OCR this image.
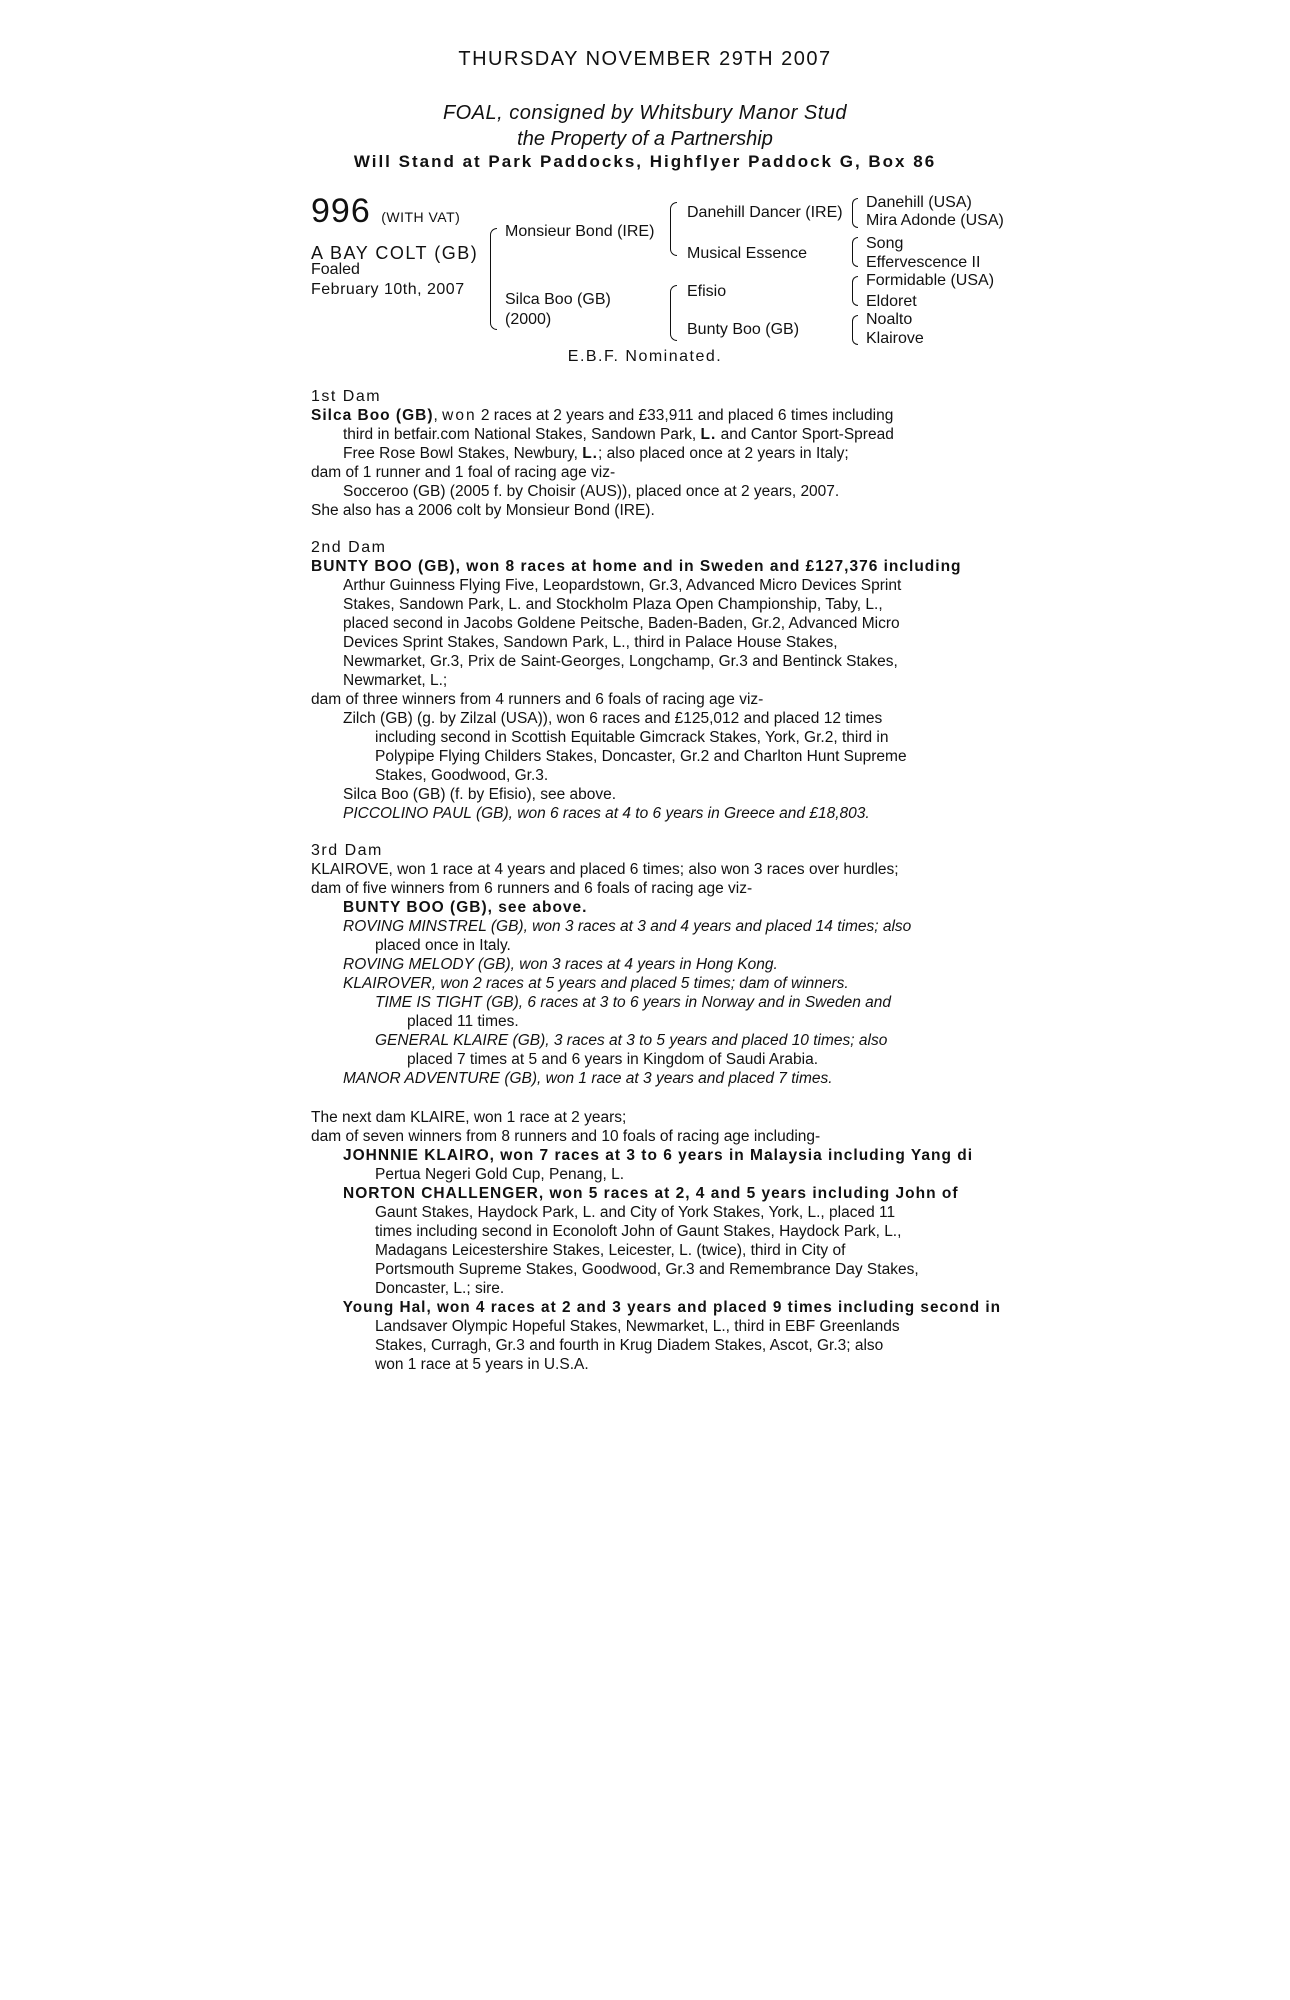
THURSDAY NOVEMBER 29TH 2007
FOAL, consigned by Whitsbury Manor Stud
the Property of a Partnership
Will Stand at Park Paddocks, Highflyer Paddock G, Box 86
996 (WITH VAT)
A BAY COLT (GB)
Foaled
February 10th, 2007
Monsieur Bond (IRE)
Silca Boo (GB)
(2000)
Danehill Dancer (IRE)
Musical Essence
Efisio
Bunty Boo (GB)
Danehill (USA)
Mira Adonde (USA)
Song
Effervescence II
Formidable (USA)
Eldoret
Noalto
Klairove
E.B.F. Nominated.

1st Dam

Silca Boo (GB), won 2 races at 2 years and £33,911 and placed 6 times including

third in betfair.com National Stakes, Sandown Park, L. and Cantor Sport-Spread

Free Rose Bowl Stakes, Newbury, L.; also placed once at 2 years in Italy;

dam of 1 runner and 1 foal of racing age viz-

Socceroo (GB) (2005 f. by Choisir (AUS)), placed once at 2 years, 2007.

She also has a 2006 colt by Monsieur Bond (IRE).

2nd Dam

BUNTY BOO (GB), won 8 races at home and in Sweden and £127,376 including

Arthur Guinness Flying Five, Leopardstown, Gr.3, Advanced Micro Devices Sprint

Stakes, Sandown Park, L. and Stockholm Plaza Open Championship, Taby, L.,

placed second in Jacobs Goldene Peitsche, Baden-Baden, Gr.2, Advanced Micro

Devices Sprint Stakes, Sandown Park, L., third in Palace House Stakes,

Newmarket, Gr.3, Prix de Saint-Georges, Longchamp, Gr.3 and Bentinck Stakes,

Newmarket, L.;

dam of three winners from 4 runners and 6 foals of racing age viz-

Zilch (GB) (g. by Zilzal (USA)), won 6 races and £125,012 and placed 12 times

including second in Scottish Equitable Gimcrack Stakes, York, Gr.2, third in

Polypipe Flying Childers Stakes, Doncaster, Gr.2 and Charlton Hunt Supreme

Stakes, Goodwood, Gr.3.

Silca Boo (GB) (f. by Efisio), see above.

PICCOLINO PAUL (GB), won 6 races at 4 to 6 years in Greece and £18,803.

3rd Dam

KLAIROVE, won 1 race at 4 years and placed 6 times; also won 3 races over hurdles;

dam of five winners from 6 runners and 6 foals of racing age viz-

BUNTY BOO (GB), see above.

ROVING MINSTREL (GB), won 3 races at 3 and 4 years and placed 14 times; also

placed once in Italy.

ROVING MELODY (GB), won 3 races at 4 years in Hong Kong.

KLAIROVER, won 2 races at 5 years and placed 5 times; dam of winners.

TIME IS TIGHT (GB), 6 races at 3 to 6 years in Norway and in Sweden and

placed 11 times.

GENERAL KLAIRE (GB), 3 races at 3 to 5 years and placed 10 times; also

placed 7 times at 5 and 6 years in Kingdom of Saudi Arabia.

MANOR ADVENTURE (GB), won 1 race at 3 years and placed 7 times.

The next dam KLAIRE, won 1 race at 2 years;

dam of seven winners from 8 runners and 10 foals of racing age including-

JOHNNIE KLAIRO, won 7 races at 3 to 6 years in Malaysia including Yang di

Pertua Negeri Gold Cup, Penang, L.

NORTON CHALLENGER, won 5 races at 2, 4 and 5 years including John of

Gaunt Stakes, Haydock Park, L. and City of York Stakes, York, L., placed 11

times including second in Econoloft John of Gaunt Stakes, Haydock Park, L.,

Madagans Leicestershire Stakes, Leicester, L. (twice), third in City of

Portsmouth Supreme Stakes, Goodwood, Gr.3 and Remembrance Day Stakes,

Doncaster, L.; sire.

Young Hal, won 4 races at 2 and 3 years and placed 9 times including second in

Landsaver Olympic Hopeful Stakes, Newmarket, L., third in EBF Greenlands

Stakes, Curragh, Gr.3 and fourth in Krug Diadem Stakes, Ascot, Gr.3; also

won 1 race at 5 years in U.S.A.
